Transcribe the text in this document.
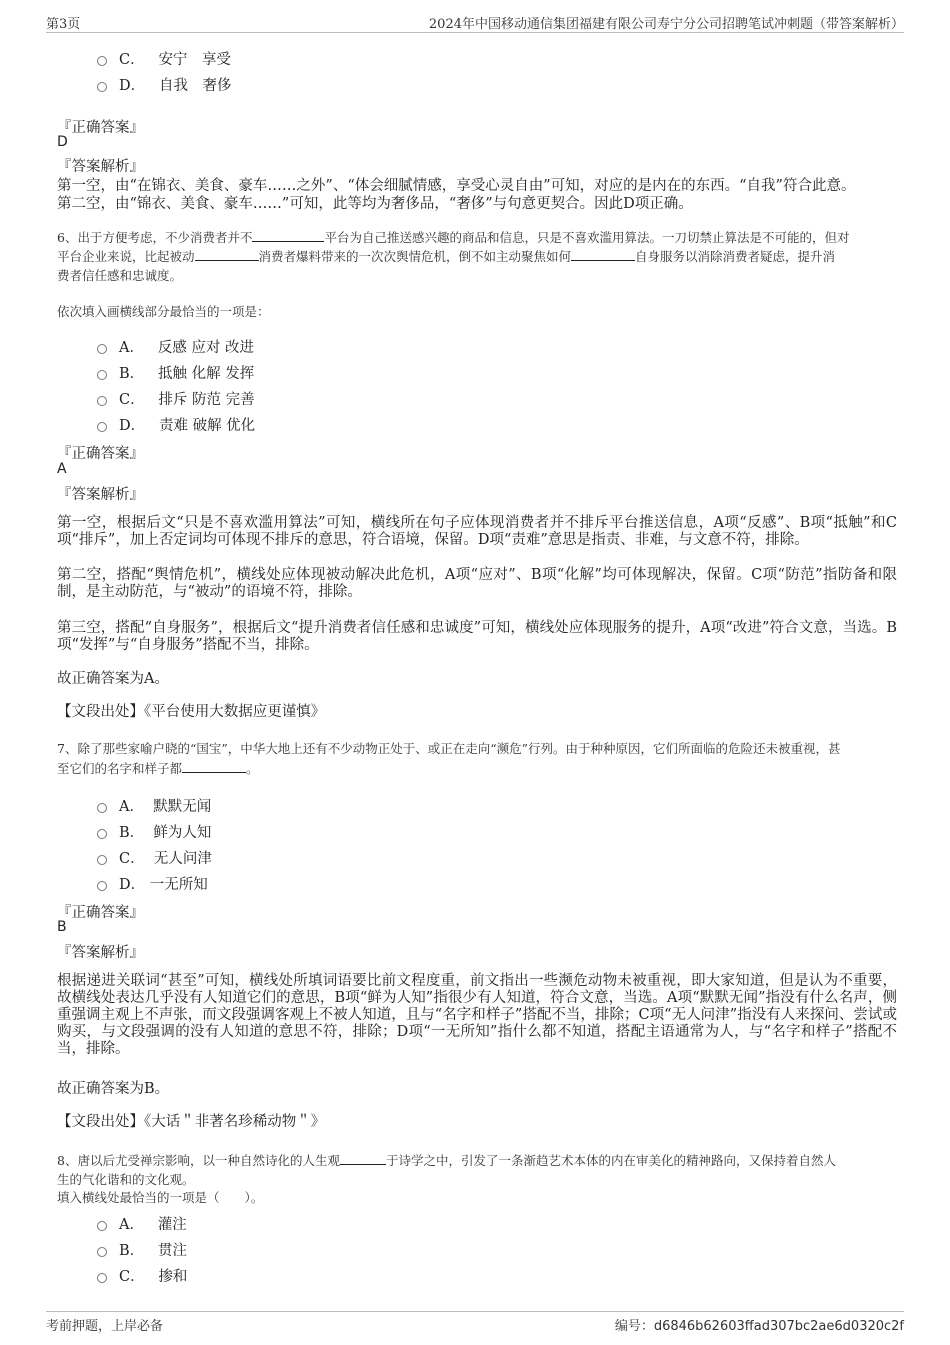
第3页	2024年中国移动通信集团福建有限公司寿宁分公司招聘笔试冲刺题（带答案解析）
C． 安宁　享受
D． 自我　奢侈
『正确答案』
D
『答案解析』
第一空，由“在锦衣、美食、豪车……之外”、“体会细腻情感，享受心灵自由”可知，对应的是内在的东西。“自我”符合此意。
第二空，由“锦衣、美食、豪车……”可知，此等均为奢侈品，“奢侈”与句意更契合。因此D项正确。
6、出于方便考虑，不少消费者并不	平台为自己推送感兴趣的商品和信息，只是不喜欢滥用算法。一刀切禁止算法是不可能的，但对
平台企业来说，比起被动	消费者爆料带来的一次次舆情危机，倒不如主动聚焦如何	自身服务以消除消费者疑虑，提升消
费者信任感和忠诚度。
依次填入画横线部分最恰当的一项是：
A． 反感 应对 改进
B． 抵触 化解 发挥
C． 排斥 防范 完善
D． 责难 破解 优化
『正确答案』
A
『答案解析』
第一空，根据后文“只是不喜欢滥用算法”可知，横线所在句子应体现消费者并不排斥平台推送信息，A项“反感”、B项“抵触”和C项“排斥”，加上否定词均可体现不排斥的意思，符合语境，保留。D项“责难”意思是指责、非难，与文意不符，排除。
第二空，搭配“舆情危机”，横线处应体现被动解决此危机，A项“应对”、B项“化解”均可体现解决，保留。C项“防范”指防备和限制，是主动防范，与“被动”的语境不符，排除。
第三空，搭配“自身服务”，根据后文“提升消费者信任感和忠诚度”可知，横线处应体现服务的提升，A项“改进”符合文意，当选。B项“发挥”与“自身服务”搭配不当，排除。
故正确答案为A。
【文段出处】《平台使用大数据应更谨慎》
7、除了那些家喻户晓的“国宝”，中华大地上还有不少动物正处于、或正在走向“濒危”行列。由于种种原因，它们所面临的危险还未被重视，甚
至它们的名字和样子都	。
A． 默默无闻
B． 鲜为人知
C． 无人问津
D． 一无所知
『正确答案』
B
『答案解析』
根据递进关联词“甚至”可知，横线处所填词语要比前文程度重，前文指出一些濒危动物未被重视，即大家知道，但是认为不重要，故横线处表达几乎没有人知道它们的意思，B项“鲜为人知”指很少有人知道，符合文意，当选。A项“默默无闻”指没有什么名声，侧重强调主观上不声张，而文段强调客观上不被人知道，且与“名字和样子”搭配不当，排除；C项“无人问津”指没有人来探问、尝试或购买，与文段强调的没有人知道的意思不符，排除；D项“一无所知”指什么都不知道，搭配主语通常为人，与“名字和样子”搭配不当，排除。
故正确答案为B。
【文段出处】《大话＂非著名珍稀动物＂》
8、唐以后尤受禅宗影响，以一种自然诗化的人生观	于诗学之中，引发了一条渐趋艺术本体的内在审美化的精神路向，又保持着自然人
生的气化谐和的文化观。
填入横线处最恰当的一项是（　　）。
A． 灌注
B． 贯注
C． 掺和
考前押题，上岸必备	编号：d6846b62603ffad307bc2ae6d0320c2f
